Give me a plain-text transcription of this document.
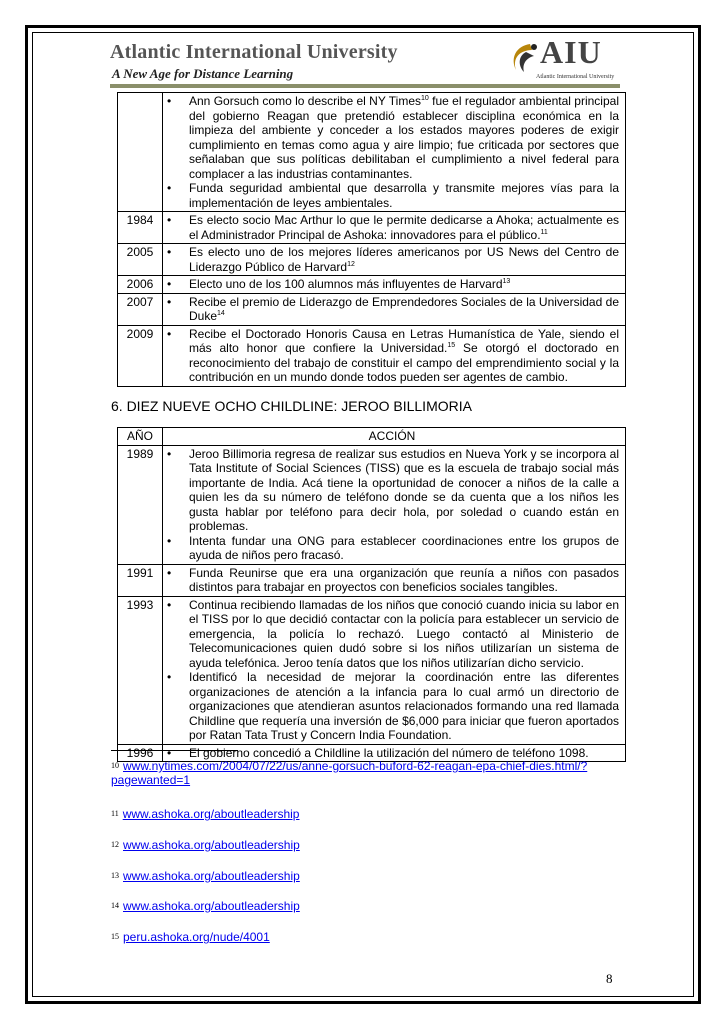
Atlantic International University
A New Age for Distance Learning
AIU
Atlantic International University

	• Ann Gorsuch como lo describe el NY Times$^{10}$ fue el regulador ambiental principal del gobierno Reagan que pretendió establecer disciplina económica en la limpieza del ambiente y conceder a los estados mayores poderes de exigir cumplimiento en temas como agua y aire limpio; fue criticada por sectores que señalaban que sus políticas debilitaban el cumplimiento a nivel federal para complacer a las industrias contaminantes.
• Funda seguridad ambiental que desarrolla y transmite mejores vías para la implementación de leyes ambientales.

1984	• Es electo socio Mac Arthur lo que le permite dedicarse a Ahoka; actualmente es el Administrador Principal de Ashoka: innovadores para el público.$^{11}$

2005	• Es electo uno de los mejores líderes americanos por US News del Centro de Liderazgo Público de Harvard$^{12}$

2006	• Electo uno de los 100 alumnos más influyentes de Harvard$^{13}$

2007	• Recibe el premio de Liderazgo de Emprendedores Sociales de la Universidad de Duke$^{14}$

2009	• Recibe el Doctorado Honoris Causa en Letras Humanística de Yale, siendo el más alto honor que confiere la Universidad.$^{15}$ Se otorgó el doctorado en reconocimiento del trabajo de constituir el campo del emprendimiento social y la contribución en un mundo donde todos pueden ser agentes de cambio.
6. DIEZ NUEVE OCHO CHILDLINE: JEROO BILLIMORIA
AÑO	ACCIÓN
1989	• Jeroo Billimoria regresa de realizar sus estudios en Nueva York y se incorpora al Tata Institute of Social Sciences (TISS) que es la escuela de trabajo social más importante de India. Acá tiene la oportunidad de conocer a niños de la calle a quien les da su número de teléfono donde se da cuenta que a los niños les gusta hablar por teléfono para decir hola, por soledad o cuando están en problemas.
• Intenta fundar una ONG para establecer coordinaciones entre los grupos de ayuda de niños pero fracasó.

1991	• Funda Reunirse que era una organización que reunía a niños con pasados distintos para trabajar en proyectos con beneficios sociales tangibles.

1993	• Continua recibiendo llamadas de los niños que conoció cuando inicia su labor en el TISS por lo que decidió contactar con la policía para establecer un servicio de emergencia, la policía lo rechazó. Luego contactó al Ministerio de Telecomunicaciones quien dudó sobre si los niños utilizarían un sistema de ayuda telefónica. Jeroo tenía datos que los niños utilizarían dicho servicio.
• Identificó la necesidad de mejorar la coordinación entre las diferentes organizaciones de atención a la infancia para lo cual armó un directorio de organizaciones que atendieran asuntos relacionados formando una red llamada Childline que requería una inversión de $6,000 para iniciar que fueron aportados por Ratan Tata Trust y Concern India Foundation.

1996	• El gobierno concedió a Childline la utilización del número de teléfono 1098.
$^{10}$ www.nytimes.com/2004/07/22/us/anne-gorsuch-buford-62-reagan-epa-chief-dies.html/?pagewanted=1
$^{11}$ www.ashoka.org/aboutleadership
$^{12}$ www.ashoka.org/aboutleadership
$^{13}$ www.ashoka.org/aboutleadership
$^{14}$ www.ashoka.org/aboutleadership
$^{15}$ peru.ashoka.org/nude/4001
8
